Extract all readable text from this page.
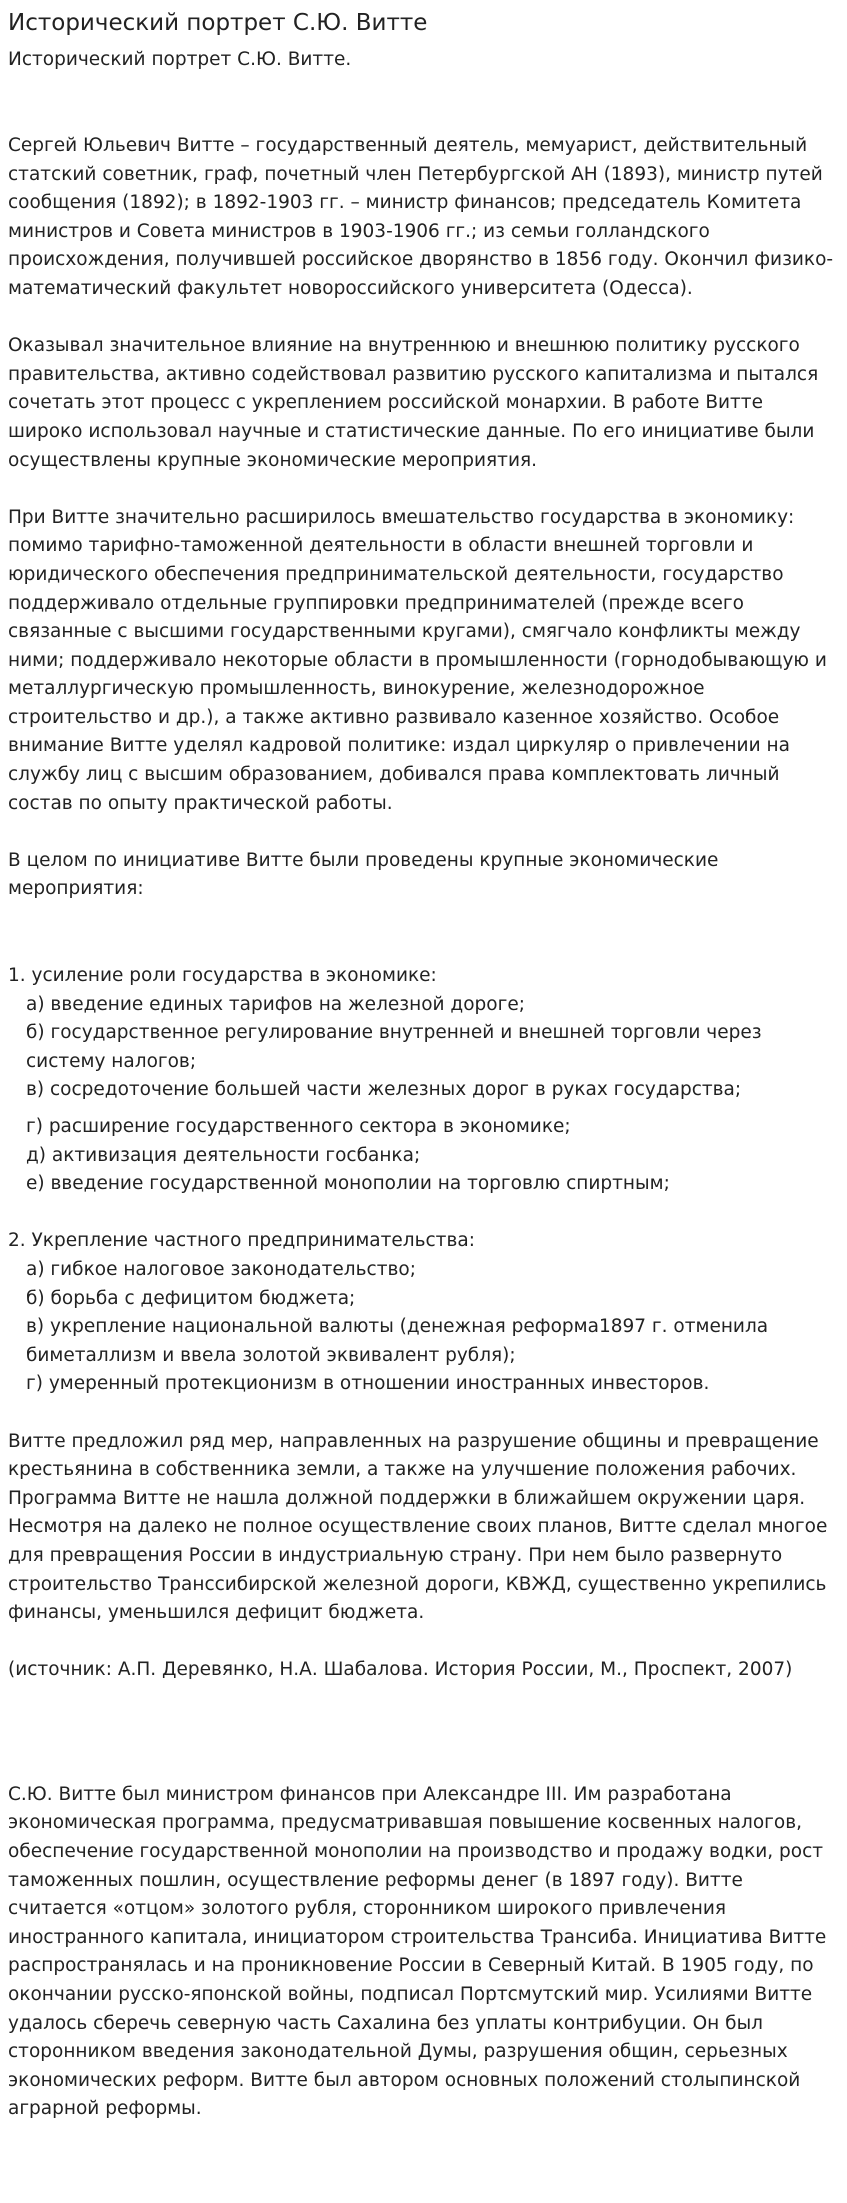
Исторический портрет С.Ю. Витте

Исторический портрет С.Ю. Витте.

Сергей Юльевич Витте – государственный деятель, мемуарист, действительный статский советник, граф, почетный член Петербургской АН (1893), министр путей сообщения (1892); в 1892-1903 гг. – министр финансов; председатель Комитета министров и Совета министров в 1903-1906 гг.; из семьи голландского происхождения, получившей российское дворянство в 1856 году. Окончил физико-математический факультет новороссийского университета (Одесса).

Оказывал значительное влияние на внутреннюю и внешнюю политику русского правительства, активно содействовал развитию русского капитализма и пытался сочетать этот процесс с укреплением российской монархии. В работе Витте широко использовал научные и статистические данные. По его инициативе были осуществлены крупные экономические мероприятия.

При Витте значительно расширилось вмешательство государства в экономику: помимо тарифно-таможенной деятельности в области внешней торговли и юридического обеспечения предпринимательской деятельности, государство поддерживало отдельные группировки предпринимателей (прежде всего связанные с высшими государственными кругами), смягчало конфликты между ними; поддерживало некоторые области в промышленности (горнодобывающую и металлургическую промышленность, винокурение, железнодорожное строительство и др.), а также активно развивало казенное хозяйство. Особое внимание Витте уделял кадровой политике: издал циркуляр о привлечении на службу лиц с высшим образованием, добивался права комплектовать личный состав по опыту практической работы.

В целом по инициативе Витте были проведены крупные экономические мероприятия:

1. усиление роли государства в экономике:
а) введение единых тарифов на железной дороге;
б) государственное регулирование внутренней и внешней торговли через систему налогов;
в) сосредоточение большей части железных дорог в руках государства;
г) расширение государственного сектора в экономике;
д) активизация деятельности госбанка;
е) введение государственной монополии на торговлю спиртным;
2. Укрепление частного предпринимательства:
а) гибкое налоговое законодательство;
б) борьба с дефицитом бюджета;
в) укрепление национальной валюты (денежная реформа1897 г. отменила биметаллизм и ввела золотой эквивалент рубля);
г) умеренный протекционизм в отношении иностранных инвесторов.

Витте предложил ряд мер, направленных на разрушение общины и превращение крестьянина в собственника земли, а также на улучшение положения рабочих. Программа Витте не нашла должной поддержки в ближайшем окружении царя. Несмотря на далеко не полное осуществление своих планов, Витте сделал многое для превращения России в индустриальную страну. При нем было развернуто строительство Транссибирской железной дороги, КВЖД, существенно укрепились финансы, уменьшился дефицит бюджета.

(источник: А.П. Деревянко, Н.А. Шабалова. История России, М., Проспект, 2007)

С.Ю. Витте был министром финансов при Александре III. Им разработана экономическая программа, предусматривавшая повышение косвенных налогов, обеспечение государственной монополии на производство и продажу водки, рост таможенных пошлин, осуществление реформы денег (в 1897 году). Витте считается «отцом» золотого рубля, сторонником широкого привлечения иностранного капитала, инициатором строительства Трансиба. Инициатива Витте распространялась и на проникновение России в Северный Китай. В 1905 году, по окончании русско-японской войны, подписал Портсмутский мир. Усилиями Витте удалось сберечь северную часть Сахалина без уплаты контрибуции. Он был сторонником введения законодательной Думы, разрушения общин, серьезных экономических реформ. Витте был автором основных положений столыпинской аграрной реформы.
